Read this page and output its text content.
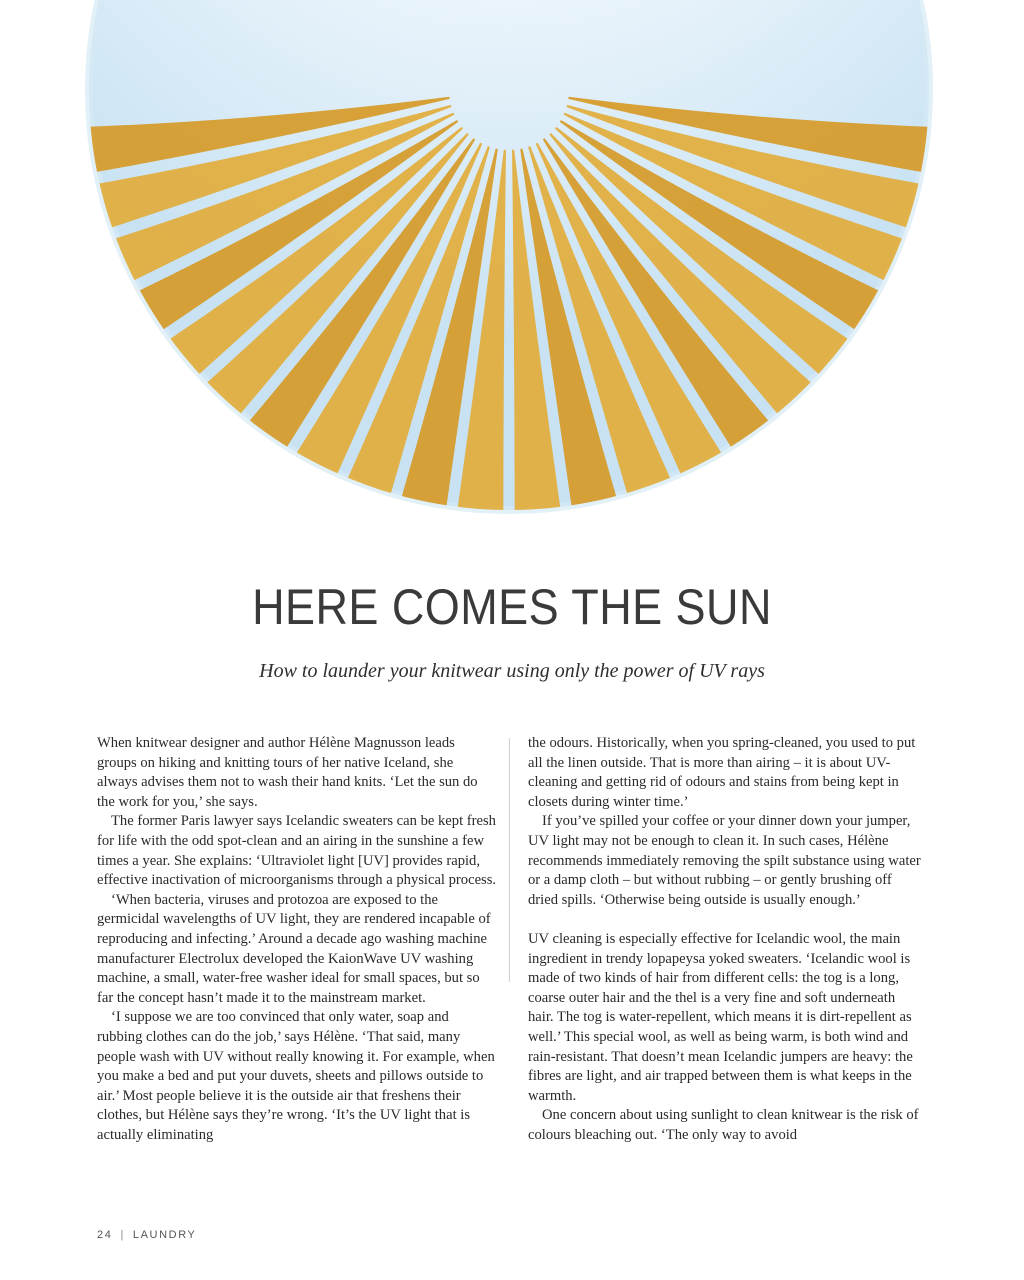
HERE COMES THE SUN
How to launder your knitwear using only the power of UV rays

When knitwear designer and author Hélène Magnusson leads groups on hiking and knitting tours of her native Iceland, she always advises them not to wash their hand knits. ‘Let the sun do the work for you,’ she says.

The former Paris lawyer says Icelandic sweaters can be kept fresh for life with the odd spot-clean and an airing in the sunshine a few times a year. She explains: ‘Ultraviolet light [UV] provides rapid, effective inactivation of microorganisms through a physical process.

‘When bacteria, viruses and protozoa are exposed to the germicidal wavelengths of UV light, they are rendered incapable of reproducing and infecting.’ Around a decade ago washing machine manufacturer Electrolux developed the KaionWave UV washing machine, a small, water-free washer ideal for small spaces, but so far the concept hasn’t made it to the mainstream market.

‘I suppose we are too convinced that only water, soap and rubbing clothes can do the job,’ says Hélène. ‘That said, many people wash with UV without really knowing it. For example, when you make a bed and put your duvets, sheets and pillows outside to air.’ Most people believe it is the outside air that freshens their clothes, but Hélène says they’re wrong. ‘It’s the UV light that is actually eliminating

the odours. Historically, when you spring-cleaned, you used to put all the linen outside. That is more than airing – it is about UV-cleaning and getting rid of odours and stains from being kept in closets during winter time.’

If you’ve spilled your coffee or your dinner down your jumper, UV light may not be enough to clean it. In such cases, Hélène recommends immediately removing the spilt substance using water or a damp cloth – but without rubbing – or gently brushing off dried spills. ‘Otherwise being outside is usually enough.’

UV cleaning is especially effective for Icelandic wool, the main ingredient in trendy lopapeysa yoked sweaters. ‘Icelandic wool is made of two kinds of hair from different cells: the tog is a long, coarse outer hair and the thel is a very fine and soft underneath hair. The tog is water-repellent, which means it is dirt-repellent as well.’ This special wool, as well as being warm, is both wind and rain-resistant. That doesn’t mean Icelandic jumpers are heavy: the fibres are light, and air trapped between them is what keeps in the warmth.

One concern about using sunlight to clean knitwear is the risk of colours bleaching out. ‘The only way to avoid

24 | LAUNDRY
